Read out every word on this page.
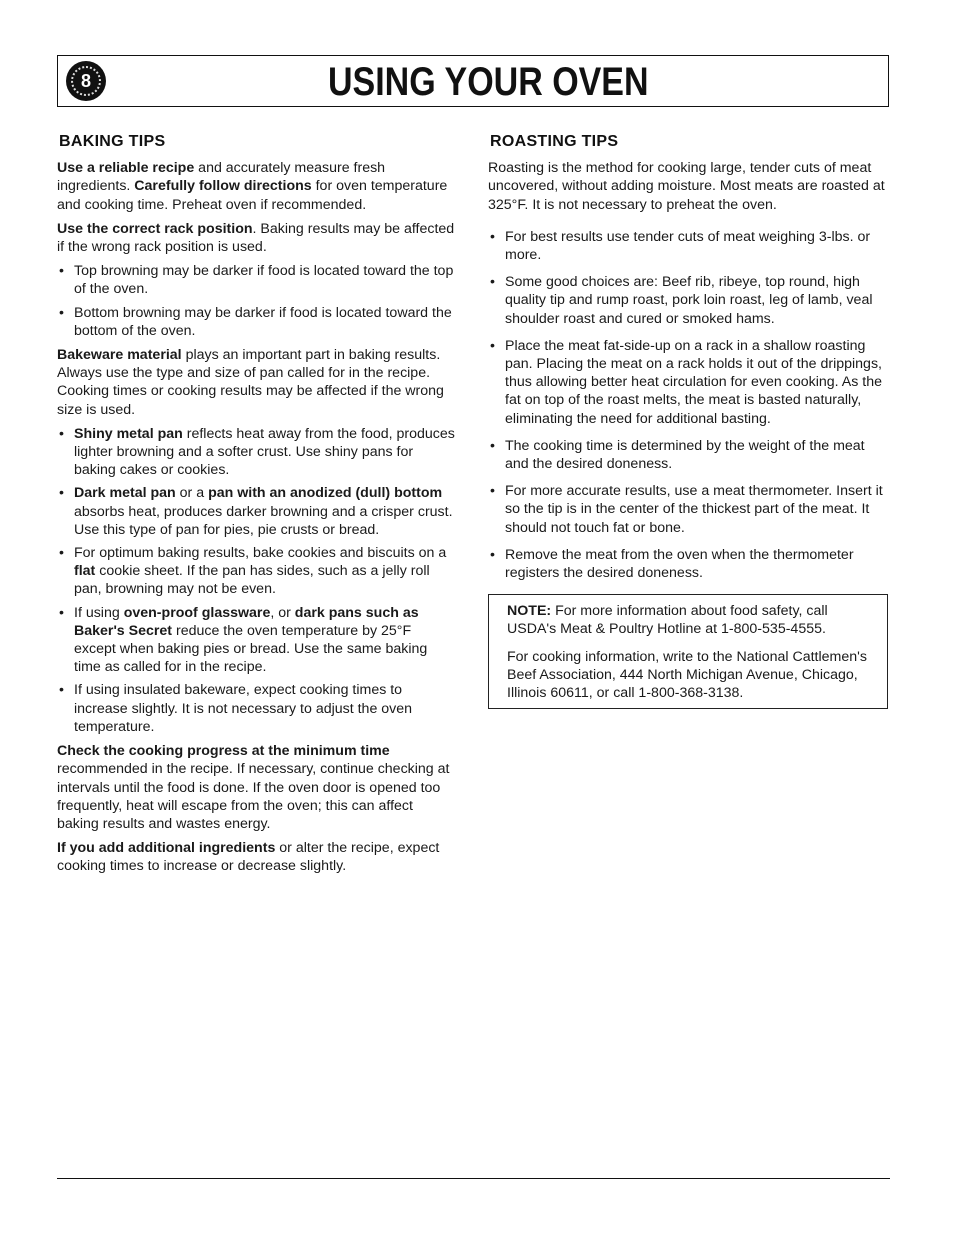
8	USING YOUR OVEN
BAKING TIPS

Use a reliable recipe and accurately measure fresh ingredients. Carefully follow directions for oven temperature and cooking time. Preheat oven if recommended.

Use the correct rack position. Baking results may be affected if the wrong rack position is used.

• Top browning may be darker if food is located toward the top of the oven.
• Bottom browning may be darker if food is located toward the bottom of the oven.

Bakeware material plays an important part in baking results. Always use the type and size of pan called for in the recipe. Cooking times or cooking results may be affected if the wrong size is used.

• Shiny metal pan reflects heat away from the food, produces lighter browning and a softer crust. Use shiny pans for baking cakes or cookies.
• Dark metal pan or a pan with an anodized (dull) bottom absorbs heat, produces darker browning and a crisper crust. Use this type of pan for pies, pie crusts or bread.
• For optimum baking results, bake cookies and biscuits on a flat cookie sheet. If the pan has sides, such as a jelly roll pan, browning may not be even.
• If using oven-proof glassware, or dark pans such as Baker's Secret reduce the oven temperature by 25°F except when baking pies or bread. Use the same baking time as called for in the recipe.
• If using insulated bakeware, expect cooking times to increase slightly. It is not necessary to adjust the oven temperature.

Check the cooking progress at the minimum time recommended in the recipe. If necessary, continue checking at intervals until the food is done. If the oven door is opened too frequently, heat will escape from the oven; this can affect baking results and wastes energy.

If you add additional ingredients or alter the recipe, expect cooking times to increase or decrease slightly.

ROASTING TIPS

Roasting is the method for cooking large, tender cuts of meat uncovered, without adding moisture. Most meats are roasted at 325°F. It is not necessary to preheat the oven.

• For best results use tender cuts of meat weighing 3-lbs. or more.
• Some good choices are: Beef rib, ribeye, top round, high quality tip and rump roast, pork loin roast, leg of lamb, veal shoulder roast and cured or smoked hams.
• Place the meat fat-side-up on a rack in a shallow roasting pan. Placing the meat on a rack holds it out of the drippings, thus allowing better heat circulation for even cooking. As the fat on top of the roast melts, the meat is basted naturally, eliminating the need for additional basting.
• The cooking time is determined by the weight of the meat and the desired doneness.
• For more accurate results, use a meat thermometer. Insert it so the tip is in the center of the thickest part of the meat. It should not touch fat or bone.
• Remove the meat from the oven when the thermometer registers the desired doneness.

NOTE: For more information about food safety, call USDA's Meat & Poultry Hotline at 1-800-535-4555.

For cooking information, write to the National Cattlemen's Beef Association, 444 North Michigan Avenue, Chicago, Illinois 60611, or call 1-800-368-3138.
